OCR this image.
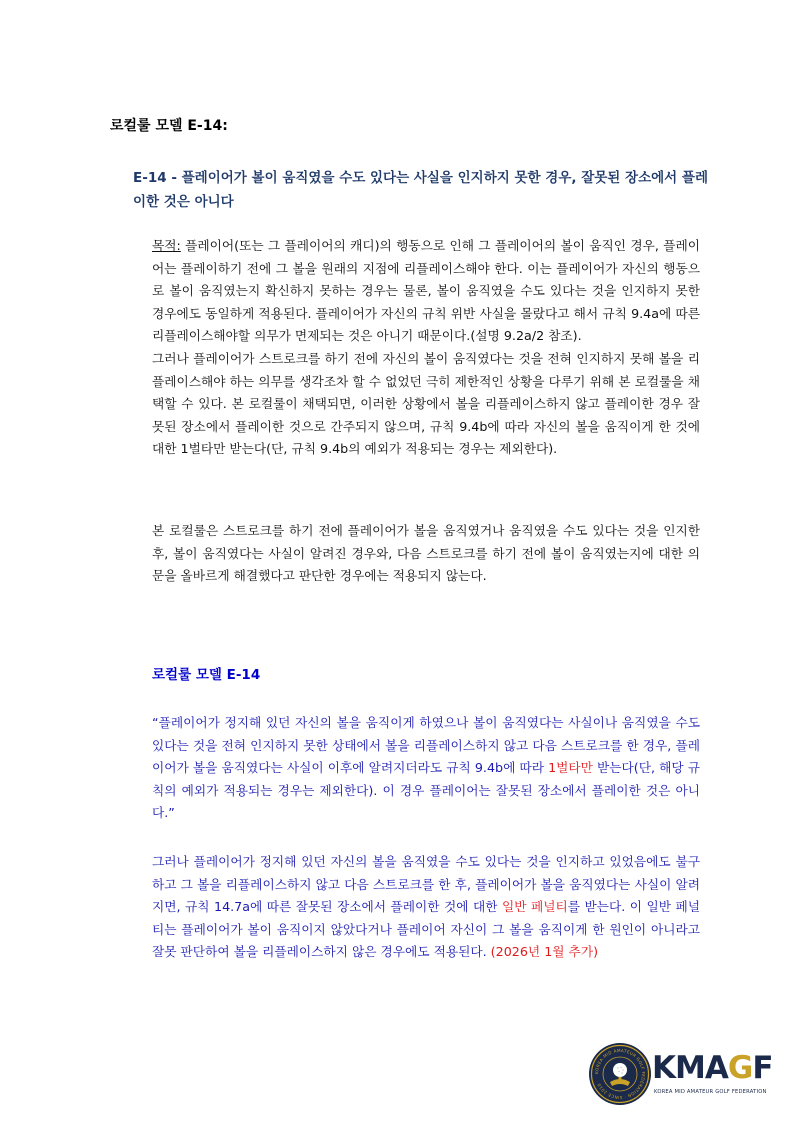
로컬룰 모델 E-14:
E-14 - 플레이어가 볼이 움직였을 수도 있다는 사실을 인지하지 못한 경우, 잘못된 장소에서 플레이한 것은 아니다

목적: 플레이어(또는 그 플레이어의 캐디)의 행동으로 인해 그 플레이어의 볼이 움직인 경우, 플레이어는 플레이하기 전에 그 볼을 원래의 지점에 리플레이스해야 한다. 이는 플레이어가 자신의 행동으로 볼이 움직였는지 확신하지 못하는 경우는 물론, 볼이 움직였을 수도 있다는 것을 인지하지 못한 경우에도 동일하게 적용된다. 플레이어가 자신의 규칙 위반 사실을 몰랐다고 해서 규칙 9.4a에 따른 리플레이스해야할 의무가 면제되는 것은 아니기 때문이다.(설명 9.2a/2 참조).

그러나 플레이어가 스트로크를 하기 전에 자신의 볼이 움직였다는 것을 전혀 인지하지 못해 볼을 리플레이스해야 하는 의무를 생각조차 할 수 없었던 극히 제한적인 상황을 다루기 위해 본 로컬룰을 채택할 수 있다. 본 로컬룰이 채택되면, 이러한 상황에서 볼을 리플레이스하지 않고 플레이한 경우 잘못된 장소에서 플레이한 것으로 간주되지 않으며, 규칙 9.4b에 따라 자신의 볼을 움직이게 한 것에 대한 1벌타만 받는다(단, 규칙 9.4b의 예외가 적용되는 경우는 제외한다).

본 로컬룰은 스트로크를 하기 전에 플레이어가 볼을 움직였거나 움직였을 수도 있다는 것을 인지한 후, 볼이 움직였다는 사실이 알려진 경우와, 다음 스트로크를 하기 전에 볼이 움직였는지에 대한 의문을 올바르게 해결했다고 판단한 경우에는 적용되지 않는다.
로컬룰 모델 E-14
“플레이어가 정지해 있던 자신의 볼을 움직이게 하였으나 볼이 움직였다는 사실이나 움직였을 수도 있다는 것을 전혀 인지하지 못한 상태에서 볼을 리플레이스하지 않고 다음 스트로크를 한 경우, 플레이어가 볼을 움직였다는 사실이 이후에 알려지더라도 규칙 9.4b에 따라 1벌타만 받는다(단, 해당 규칙의 예외가 적용되는 경우는 제외한다). 이 경우 플레이어는 잘못된 장소에서 플레이한 것은 아니다.”
그러나 플레이어가 정지해 있던 자신의 볼을 움직였을 수도 있다는 것을 인지하고 있었음에도 불구하고 그 볼을 리플레이스하지 않고 다음 스트로크를 한 후, 플레이어가 볼을 움직였다는 사실이 알려지면, 규칙 14.7a에 따른 잘못된 장소에서 플레이한 것에 대한 일반 페널티를 받는다. 이 일반 페널티는 플레이어가 볼이 움직이지 않았다거나 플레이어 자신이 그 볼을 움직이게 한 원인이 아니라고 잘못 판단하여 볼을 리플레이스하지 않은 경우에도 적용된다. (2026년 1월 추가)
KOREA MID AMATEUR GOLF FEDERATION · SINCE 2010	KMAGF
KOREA MID AMATEUR GOLF FEDERATION
